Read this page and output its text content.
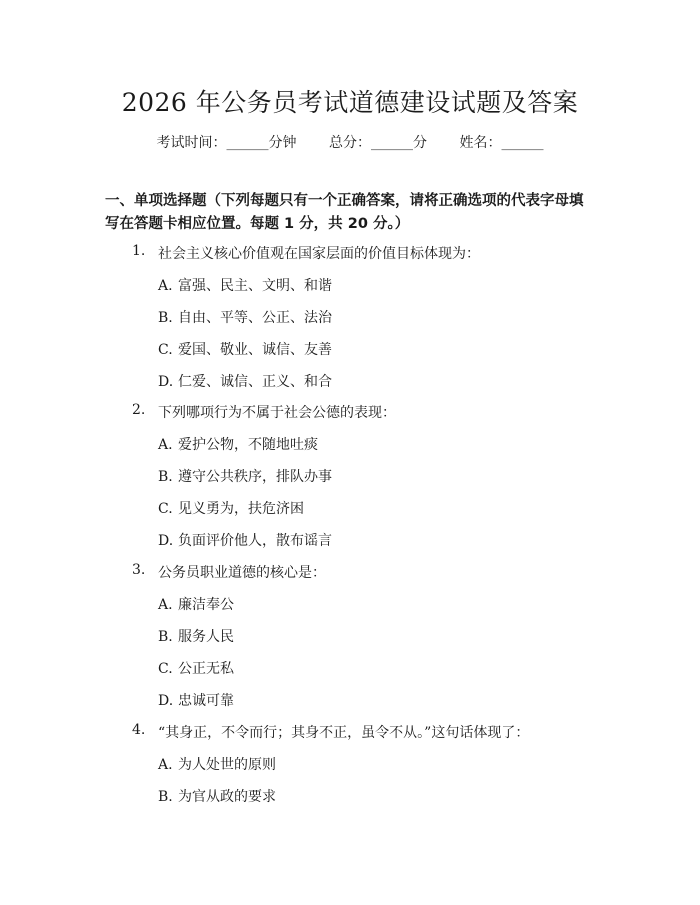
2026 年公务员考试道德建设试题及答案
考试时间：______分钟 总分：______分 姓名：______
一、单项选择题（下列每题只有一个正确答案，请将正确选项的代表字母填写在答题卡相应位置。每题 1 分，共 20 分。）
1. 社会主义核心价值观在国家层面的价值目标体现为：
A. 富强、民主、文明、和谐
B. 自由、平等、公正、法治
C. 爱国、敬业、诚信、友善
D. 仁爱、诚信、正义、和合
2. 下列哪项行为不属于社会公德的表现：
A. 爱护公物，不随地吐痰
B. 遵守公共秩序，排队办事
C. 见义勇为，扶危济困
D. 负面评价他人，散布谣言
3. 公务员职业道德的核心是：
A. 廉洁奉公
B. 服务人民
C. 公正无私
D. 忠诚可靠
4. “其身正，不令而行；其身不正，虽令不从。”这句话体现了：
A. 为人处世的原则
B. 为官从政的要求
